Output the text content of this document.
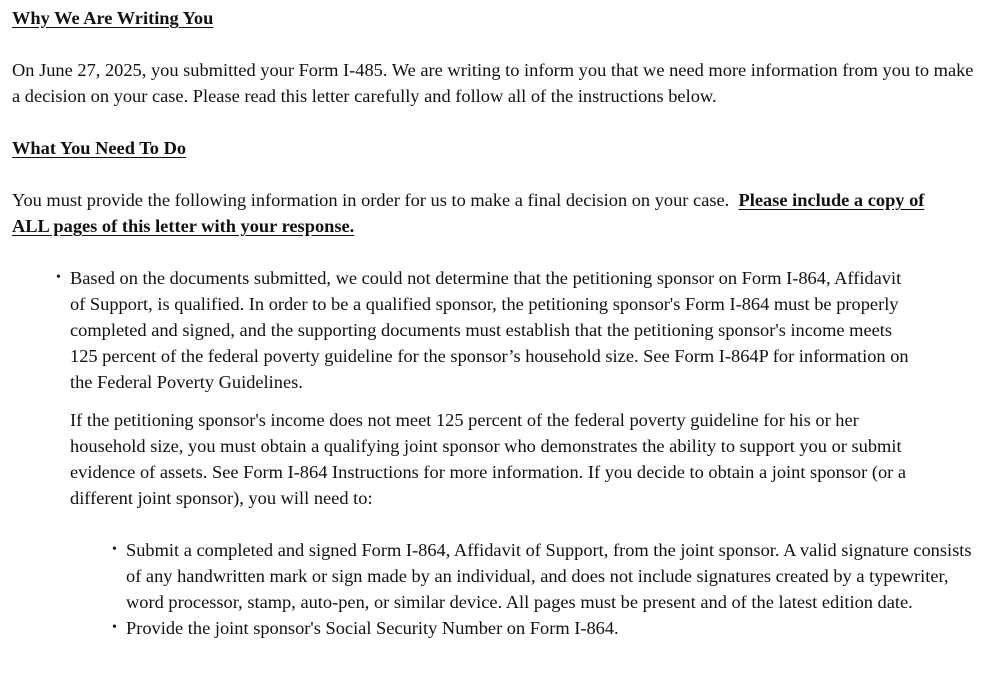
Why We Are Writing You

On June 27, 2025, you submitted your Form I-485. We are writing to inform you that we need more information from you to make a decision on your case. Please read this letter carefully and follow all of the instructions below.

What You Need To Do

You must provide the following information in order for us to make a final decision on your case. Please include a copy of ALL pages of this letter with your response.

• Based on the documents submitted, we could not determine that the petitioning sponsor on Form I-864, Affidavit of Support, is qualified. In order to be a qualified sponsor, the petitioning sponsor's Form I-864 must be properly completed and signed, and the supporting documents must establish that the petitioning sponsor's income meets 125 percent of the federal poverty guideline for the sponsor’s household size. See Form I-864P for information on the Federal Poverty Guidelines.

If the petitioning sponsor's income does not meet 125 percent of the federal poverty guideline for his or her household size, you must obtain a qualifying joint sponsor who demonstrates the ability to support you or submit evidence of assets. See Form I-864 Instructions for more information. If you decide to obtain a joint sponsor (or a different joint sponsor), you will need to:

• Submit a completed and signed Form I-864, Affidavit of Support, from the joint sponsor. A valid signature consists of any handwritten mark or sign made by an individual, and does not include signatures created by a typewriter, word processor, stamp, auto-pen, or similar device. All pages must be present and of the latest edition date.
• Provide the joint sponsor's Social Security Number on Form I-864.
